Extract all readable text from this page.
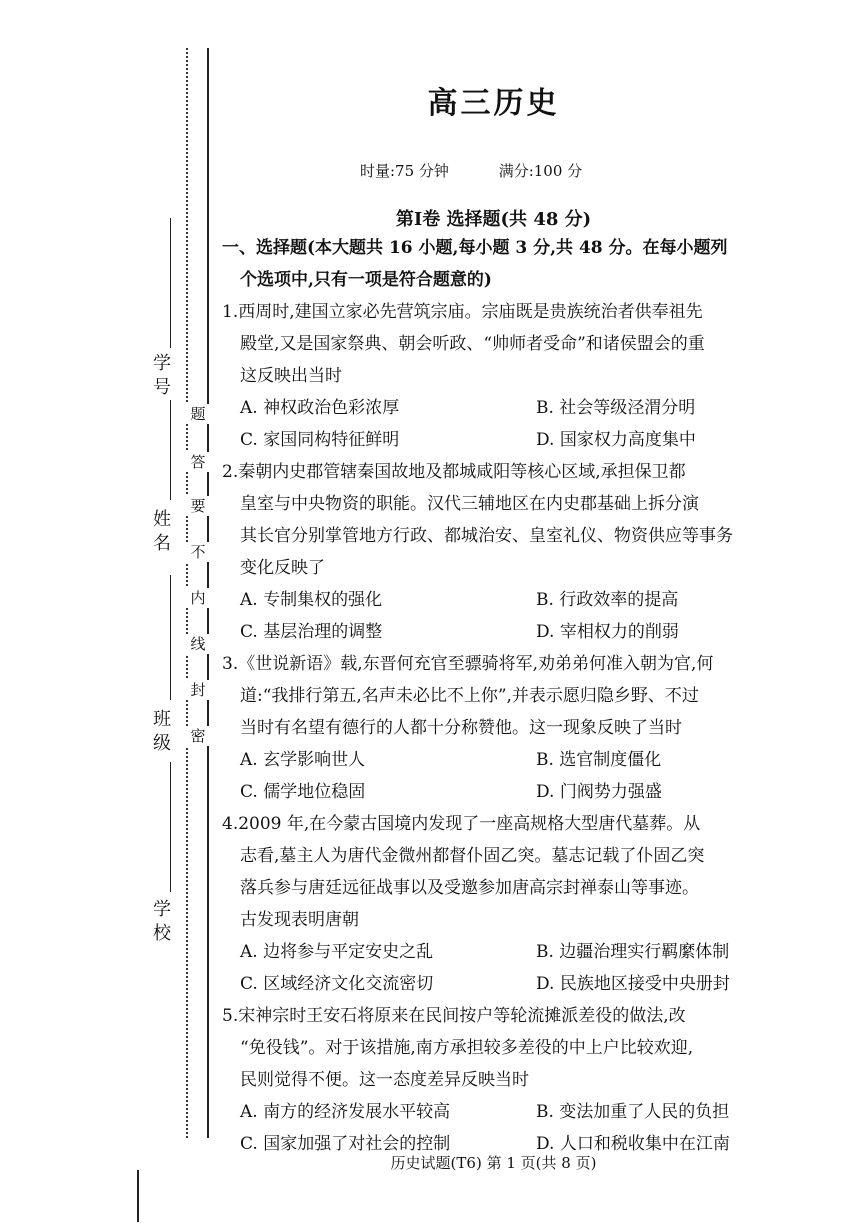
学 号
姓 名
班 级
学 校
题
答
要
不
内
线
封
密
高三历史
时量:75 分钟	满分:100 分
第Ⅰ卷 选择题(共 48 分)
一、选择题(本大题共 16 小题,每小题 3 分,共 48 分。在每小题列
个选项中,只有一项是符合题意的)
1.西周时,建国立家必先营筑宗庙。宗庙既是贵族统治者供奉祖先
殿堂,又是国家祭典、朝会听政、“帅师者受命”和诸侯盟会的重
这反映出当时
A. 神权政治色彩浓厚	B. 社会等级泾渭分明
C. 家国同构特征鲜明	D. 国家权力高度集中
2.秦朝内史郡管辖秦国故地及都城咸阳等核心区域,承担保卫都
皇室与中央物资的职能。汉代三辅地区在内史郡基础上拆分演
其长官分别掌管地方行政、都城治安、皇室礼仪、物资供应等事务
变化反映了
A. 专制集权的强化	B. 行政效率的提高
C. 基层治理的调整	D. 宰相权力的削弱
3.《世说新语》载,东晋何充官至骠骑将军,劝弟弟何准入朝为官,何
道:“我排行第五,名声未必比不上你”,并表示愿归隐乡野、不过
当时有名望有德行的人都十分称赞他。这一现象反映了当时
A. 玄学影响世人	B. 选官制度僵化
C. 儒学地位稳固	D. 门阀势力强盛
4.2009 年,在今蒙古国境内发现了一座高规格大型唐代墓葬。从
志看,墓主人为唐代金微州都督仆固乙突。墓志记载了仆固乙突
落兵参与唐廷远征战事以及受邀参加唐高宗封禅泰山等事迹。
古发现表明唐朝
A. 边将参与平定安史之乱	B. 边疆治理实行羁縻体制
C. 区域经济文化交流密切	D. 民族地区接受中央册封
5.宋神宗时王安石将原来在民间按户等轮流摊派差役的做法,改
“免役钱”。对于该措施,南方承担较多差役的中上户比较欢迎,
民则觉得不便。这一态度差异反映当时
A. 南方的经济发展水平较高	B. 变法加重了人民的负担
C. 国家加强了对社会的控制	D. 人口和税收集中在江南
历史试题(T6) 第 1 页(共 8 页)
